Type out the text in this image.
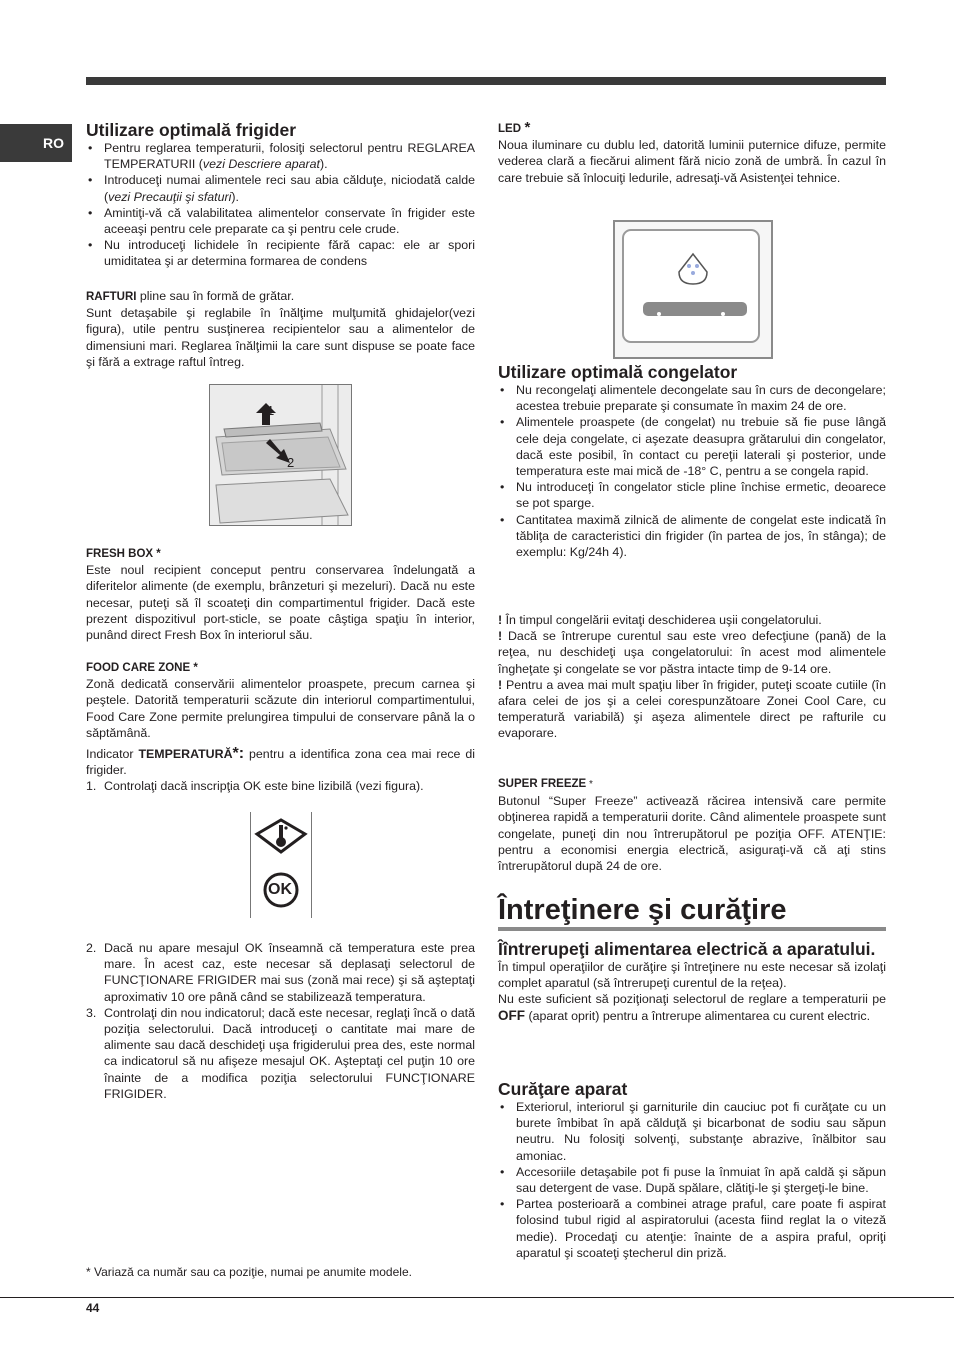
RO
Utilizare optimală frigider
• Pentru reglarea temperaturii, folosiţi selectorul pentru REGLAREA TEMPERATURII (vezi Descriere aparat).
• Introduceţi numai alimentele reci sau abia călduţe, niciodată calde (vezi Precauţii şi sfaturi).
• Amintiţi-vă că valabilitatea alimentelor conservate în frigider este aceeaşi pentru cele preparate ca şi pentru cele crude.
• Nu introduceţi lichidele în recipiente fără capac: ele ar spori umiditatea şi ar determina formarea de condens

RAFTURI pline sau în formă de grătar.

Sunt detaşabile şi reglabile în înălţime mulţumită ghidajelor(vezi figura), utile pentru susţinerea recipientelor sau a alimentelor de dimensiuni mari. Reglarea înălţimii la care sunt dispuse se poate face şi fără a extrage raftul întreg.

1
2
FRESH BOX *

Este noul recipient conceput pentru conservarea îndelungată a diferitelor alimente (de exemplu, brânzeturi şi mezeluri). Dacă nu este necesar, puteţi să îl scoateţi din compartimentul frigider. Dacă este prezent dispozitivul port-sticle, se poate câştiga spaţiu în interior, punând direct Fresh Box în interiorul său.

FOOD CARE ZONE *

Zonă dedicată conservării alimentelor proaspete, precum carnea şi peştele. Datorită temperaturii scăzute din interiorul compartimentului, Food Care Zone permite prelungirea timpului de conservare până la o săptămână.

Indicator TEMPERATURĂ*: pentru a identifica zona cea mai rece di frigider.

1. Controlaţi dacă inscripţia OK este bine lizibilă (vezi figura).
OK
2. Dacă nu apare mesajul OK înseamnă că temperatura este prea mare. În acest caz, este necesar să deplasaţi selectorul de FUNCŢIONARE FRIGIDER mai sus (zonă mai rece) şi să aşteptaţi aproximativ 10 ore până când se stabilizează temperatura.
3. Controlaţi din nou indicatorul; dacă este necesar, reglaţi încă o dată poziţia selectorului. Dacă introduceţi o cantitate mai mare de alimente sau dacă deschideţi uşa frigiderului prea des, este normal ca indicatorul să nu afişeze mesajul OK. Aşteptaţi cel puţin 10 ore înainte de a modifica poziţia selectorului FUNCŢIONARE FRIGIDER.
* Variază ca număr sau ca poziţie, numai pe anumite modele.
LED *

Noua iluminare cu dublu led, datorită luminii puternice difuze, permite vederea clară a fiecărui aliment fără nicio zonă de umbră. În cazul în care trebuie să înlocuiţi ledurile, adresaţi-vă Asistenţei tehnice.

Utilizare optimală congelator
• Nu recongelaţi alimentele decongelate sau în curs de decongelare; acestea trebuie preparate şi consumate în maxim 24 de ore.
• Alimentele proaspete (de congelat) nu trebuie să fie puse lângă cele deja congelate, ci aşezate deasupra grătarului din congelator, dacă este posibil, în contact cu pereţii laterali şi posterior, unde temperatura este mai mică de -18° C, pentru a se congela rapid.
• Nu introduceţi în congelator sticle pline închise ermetic, deoarece se pot sparge.
• Cantitatea maximă zilnică de alimente de congelat este indicată în tăbliţa de caracteristici din frigider (în partea de jos, în stânga); de exemplu: Kg/24h 4).

! În timpul congelării evitaţi deschiderea uşii congelatorului.

! Dacă se întrerupe curentul sau este vreo defecţiune (pană) de la reţea, nu deschideţi uşa congelatorului: în acest mod alimentele îngheţate şi congelate se vor păstra intacte timp de 9-14 ore.

! Pentru a avea mai mult spaţiu liber în frigider, puteţi scoate cutiile (în afara celei de jos şi a celei corespunzătoare Zonei Cool Care, cu temperatură variabilă) şi aşeza alimentele direct pe rafturile cu evaporare.

SUPER FREEZE *

Butonul “Super Freeze” activează răcirea intensivă care permite obţinerea rapidă a temperaturii dorite. Când alimentele proaspete sunt congelate, puneţi din nou întrerupătorul pe poziţia OFF. ATENŢIE: pentru a economisi energia electrică, asiguraţi-vă că aţi stins întrerupătorul după 24 de ore.

Întreţinere şi curăţire
Îîntrerupeţi alimentarea electrică a aparatului.

În timpul operaţiilor de curăţire şi întreţinere nu este necesar să izolaţi complet aparatul (să întrerupeţi curentul de la reţea).

Nu este suficient să poziţionaţi selectorul de reglare a temperaturii pe OFF (aparat oprit) pentru a întrerupe alimentarea cu curent electric.

Curăţare aparat
• Exteriorul, interiorul şi garniturile din cauciuc pot fi curăţate cu un burete îmbibat în apă călduţă şi bicarbonat de sodiu sau săpun neutru. Nu folosiţi solvenţi, substanţe abrazive, înălbitor sau amoniac.
• Accesoriile detaşabile pot fi puse la înmuiat în apă caldă şi săpun sau detergent de vase. După spălare, clătiţi-le şi ştergeţi-le bine.
• Partea posterioară a combinei atrage praful, care poate fi aspirat folosind tubul rigid al aspiratorului (acesta fiind reglat la o viteză medie). Procedaţi cu atenţie: înainte de a aspira praful, opriţi aparatul şi scoateţi ştecherul din priză.
44
